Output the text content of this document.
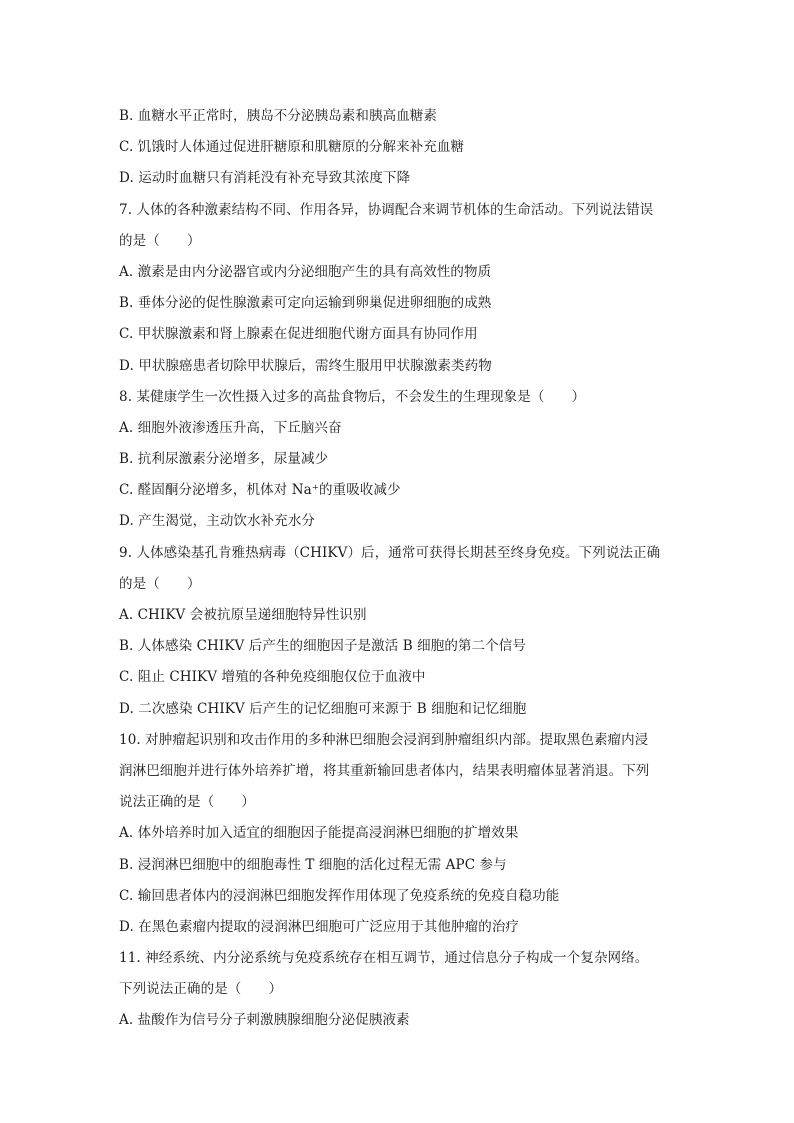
B. 血糖水平正常时，胰岛不分泌胰岛素和胰高血糖素
C. 饥饿时人体通过促进肝糖原和肌糖原的分解来补充血糖
D. 运动时血糖只有消耗没有补充导致其浓度下降
7. 人体的各种激素结构不同、作用各异，协调配合来调节机体的生命活动。下列说法错误
的是（　　）
A. 激素是由内分泌器官或内分泌细胞产生的具有高效性的物质
B. 垂体分泌的促性腺激素可定向运输到卵巢促进卵细胞的成熟
C. 甲状腺激素和肾上腺素在促进细胞代谢方面具有协同作用
D. 甲状腺癌患者切除甲状腺后，需终生服用甲状腺激素类药物
8. 某健康学生一次性摄入过多的高盐食物后，不会发生的生理现象是（　　）
A. 细胞外液渗透压升高，下丘脑兴奋
B. 抗利尿激素分泌增多，尿量减少
C. 醛固酮分泌增多，机体对 Na⁺的重吸收减少
D. 产生渴觉，主动饮水补充水分
9. 人体感染基孔肯雅热病毒（CHIKV）后，通常可获得长期甚至终身免疫。下列说法正确
的是（　　）
A. CHIKV 会被抗原呈递细胞特异性识别
B. 人体感染 CHIKV 后产生的细胞因子是激活 B 细胞的第二个信号
C. 阻止 CHIKV 增殖的各种免疫细胞仅位于血液中
D. 二次感染 CHIKV 后产生的记忆细胞可来源于 B 细胞和记忆细胞
10. 对肿瘤起识别和攻击作用的多种淋巴细胞会浸润到肿瘤组织内部。提取黑色素瘤内浸
润淋巴细胞并进行体外培养扩增，将其重新输回患者体内，结果表明瘤体显著消退。下列
说法正确的是（　　）
A. 体外培养时加入适宜的细胞因子能提高浸润淋巴细胞的扩增效果
B. 浸润淋巴细胞中的细胞毒性 T 细胞的活化过程无需 APC 参与
C. 输回患者体内的浸润淋巴细胞发挥作用体现了免疫系统的免疫自稳功能
D. 在黑色素瘤内提取的浸润淋巴细胞可广泛应用于其他肿瘤的治疗
11. 神经系统、内分泌系统与免疫系统存在相互调节，通过信息分子构成一个复杂网络。
下列说法正确的是（　　）
A. 盐酸作为信号分子刺激胰腺细胞分泌促胰液素
